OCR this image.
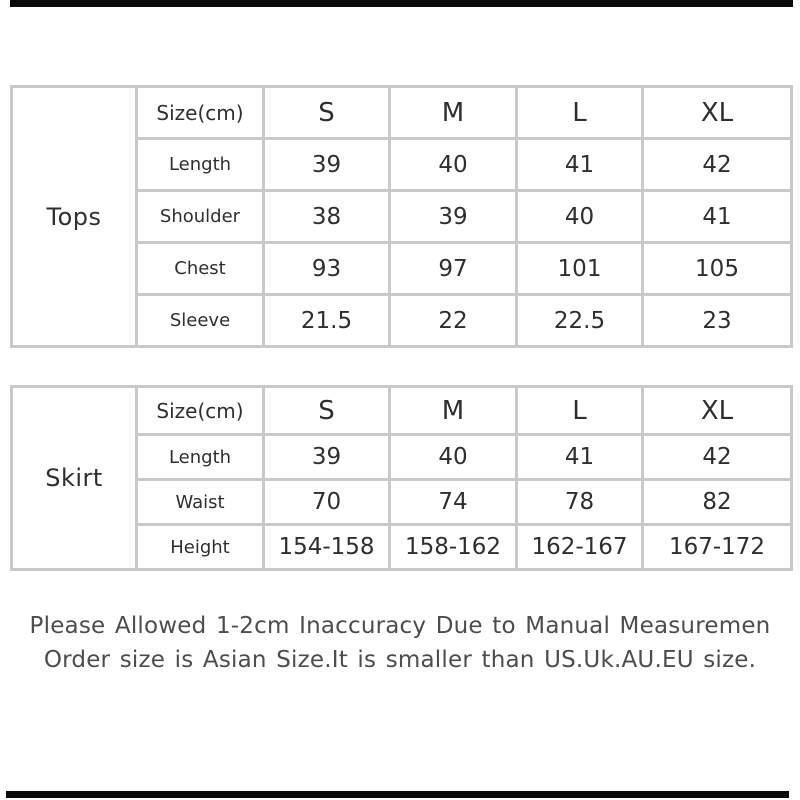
Tops	Size(cm)	S	M	L	XL
	Length	39	40	41	42
	Shoulder	38	39	40	41
	Chest	93	97	101	105
	Sleeve	21.5	22	22.5	23
Skirt	Size(cm)	S	M	L	XL
	Length	39	40	41	42
	Waist	70	74	78	82
	Height	154-158	158-162	162-167	167-172
Please Allowed 1-2cm Inaccuracy Due to Manual Measuremen
Order size is Asian Size.It is smaller than US.Uk.AU.EU size.
